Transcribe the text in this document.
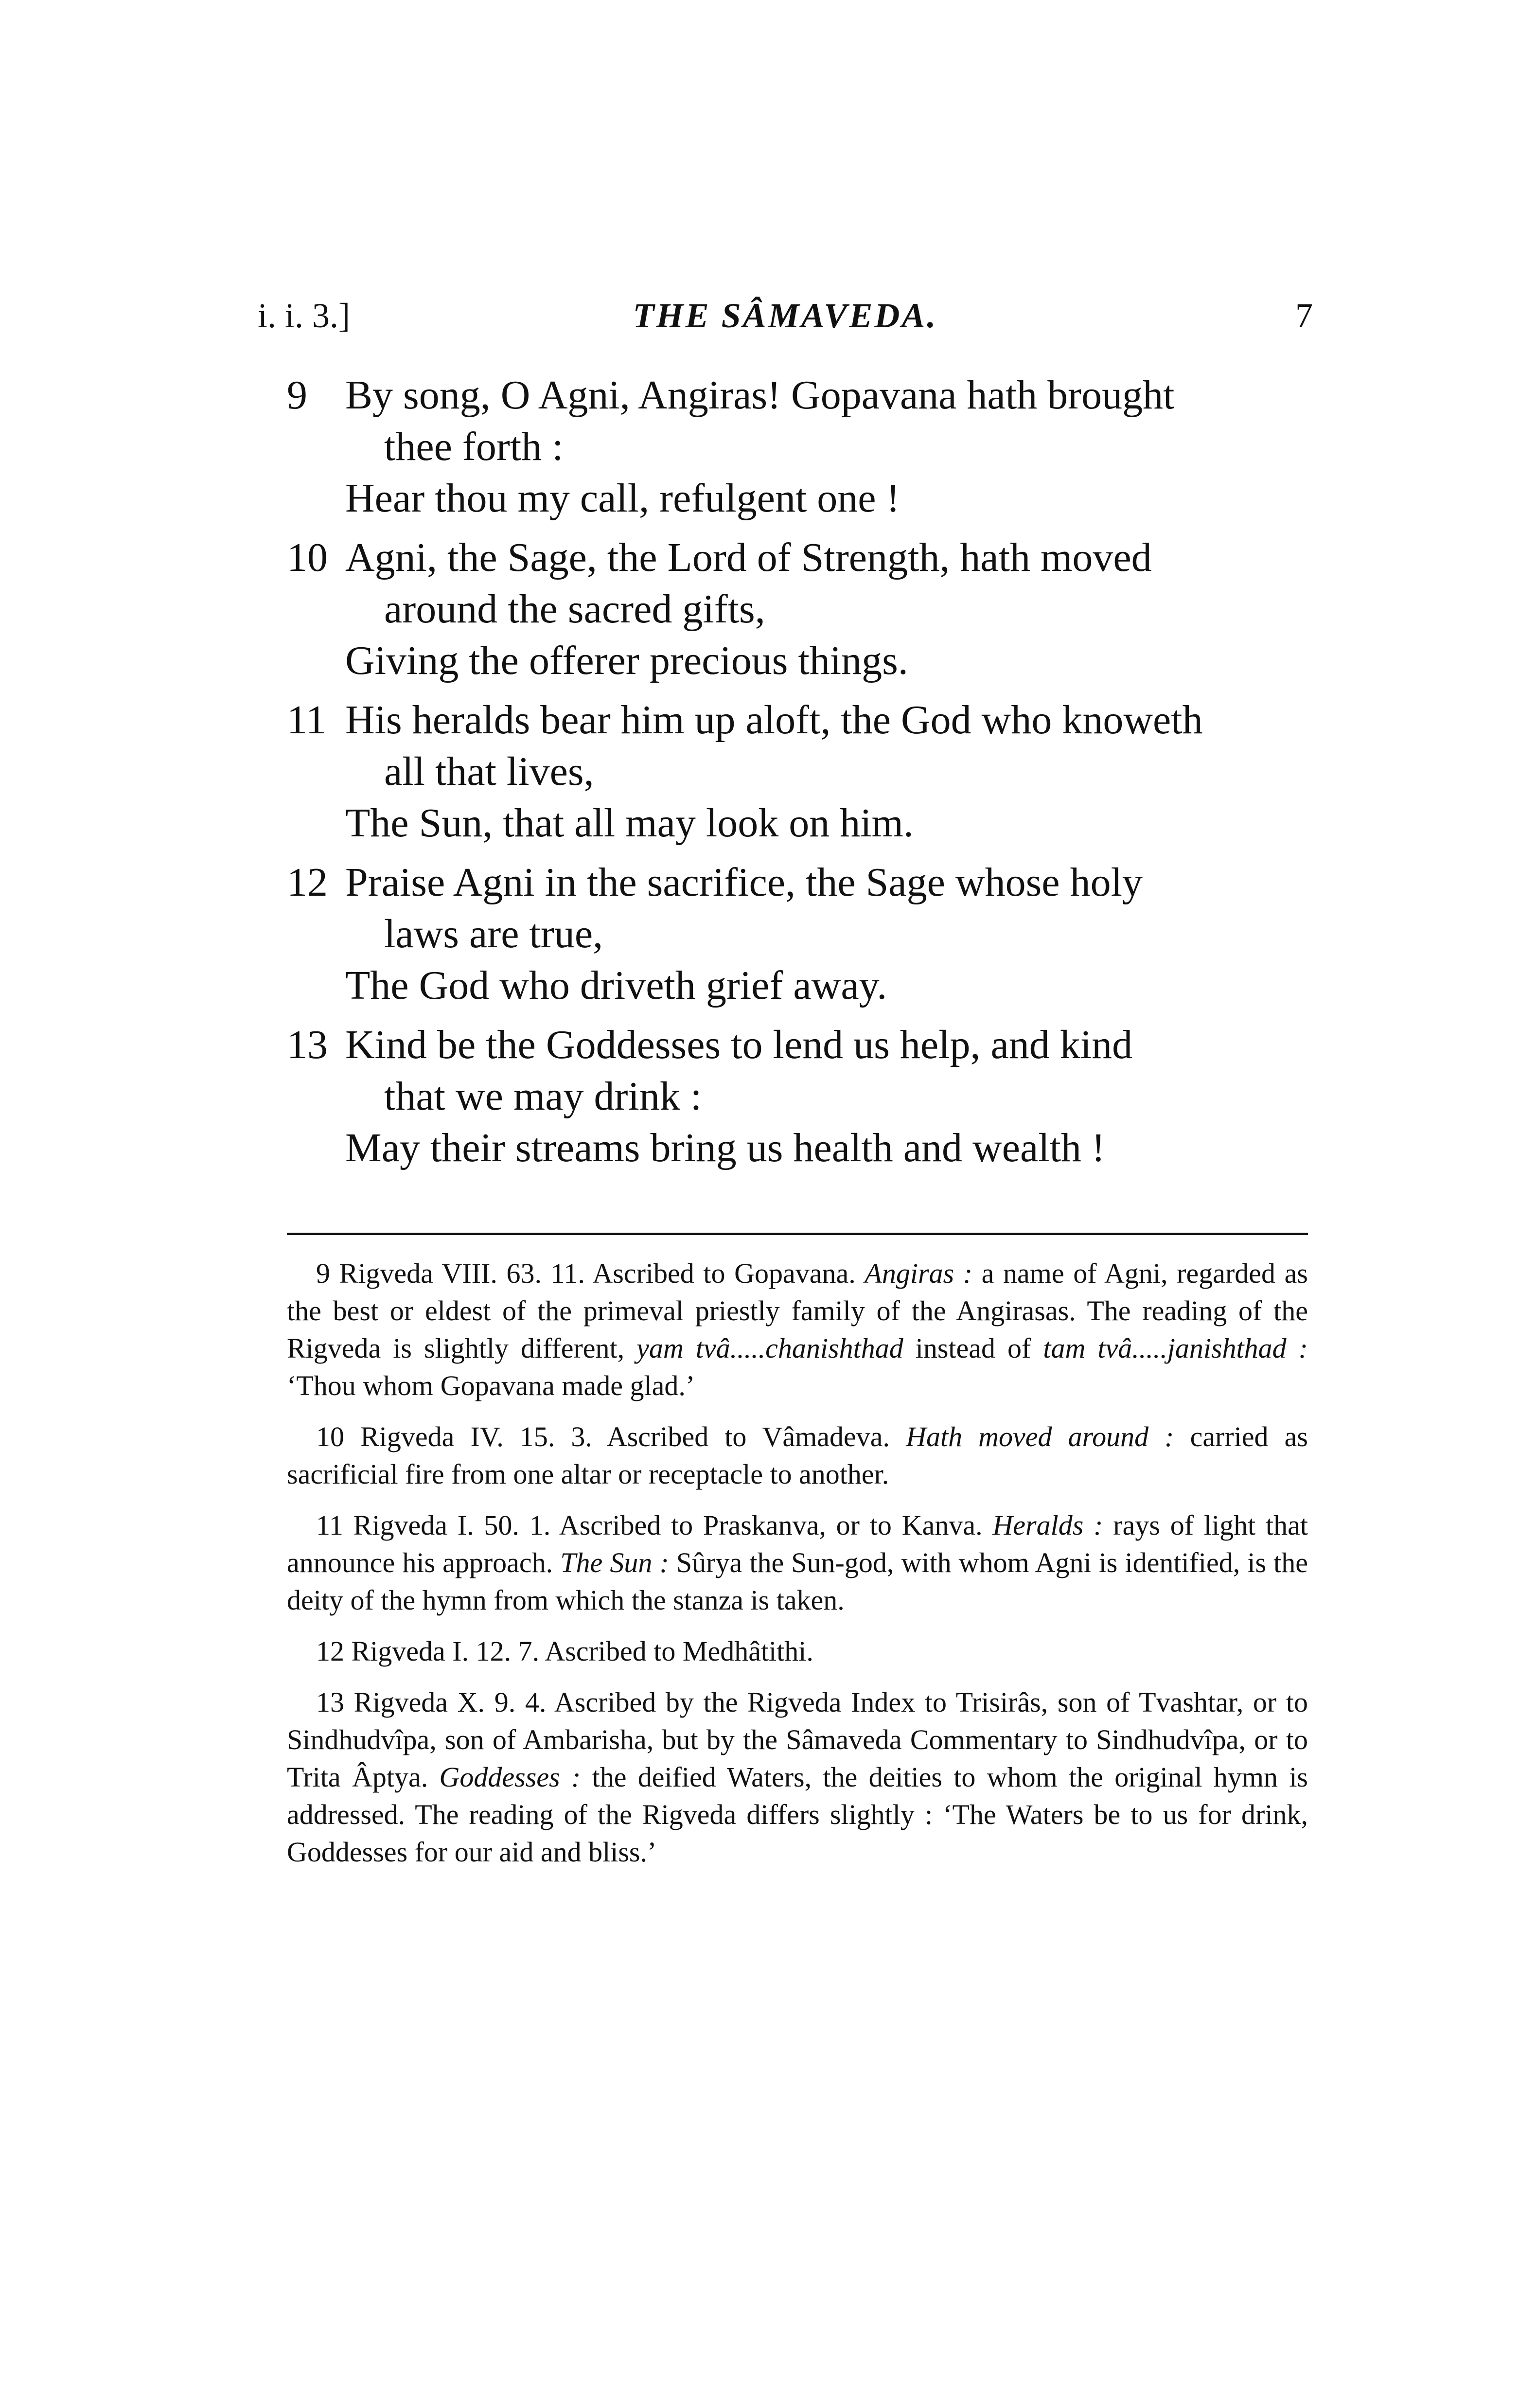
i. i. 3.]	THE SÂMAVEDA.	7
9 By song, O Agni, Angiras! Gopavana hath brought
thee forth :
Hear thou my call, refulgent one !
10 Agni, the Sage, the Lord of Strength, hath moved
around the sacred gifts,
Giving the offerer precious things.
11 His heralds bear him up aloft, the God who knoweth
all that lives,
The Sun, that all may look on him.
12 Praise Agni in the sacrifice, the Sage whose holy
laws are true,
The God who driveth grief away.
13 Kind be the Goddesses to lend us help, and kind
that we may drink :
May their streams bring us health and wealth !

9 Rigveda VIII. 63. 11. Ascribed to Gopavana. Angiras : a name of Agni, regarded as the best or eldest of the primeval priestly family of the Angirasas. The reading of the Rigveda is slightly different, yam tvâ.....chanishthad instead of tam tvâ.....janishthad : ‘Thou whom Gopavana made glad.’

10 Rigveda IV. 15. 3. Ascribed to Vâmadeva. Hath moved around : carried as sacrificial fire from one altar or receptacle to another.

11 Rigveda I. 50. 1. Ascribed to Praskanva, or to Kanva. Heralds : rays of light that announce his approach. The Sun : Sûrya the Sun-god, with whom Agni is identified, is the deity of the hymn from which the stanza is taken.

12 Rigveda I. 12. 7. Ascribed to Medhâtithi.

13 Rigveda X. 9. 4. Ascribed by the Rigveda Index to Trisirâs, son of Tvashtar, or to Sindhudvîpa, son of Ambarisha, but by the Sâmaveda Commentary to Sindhudvîpa, or to Trita Âptya. Goddesses : the deified Waters, the deities to whom the original hymn is addressed. The reading of the Rigveda differs slightly : ‘The Waters be to us for drink, Goddesses for our aid and bliss.’
